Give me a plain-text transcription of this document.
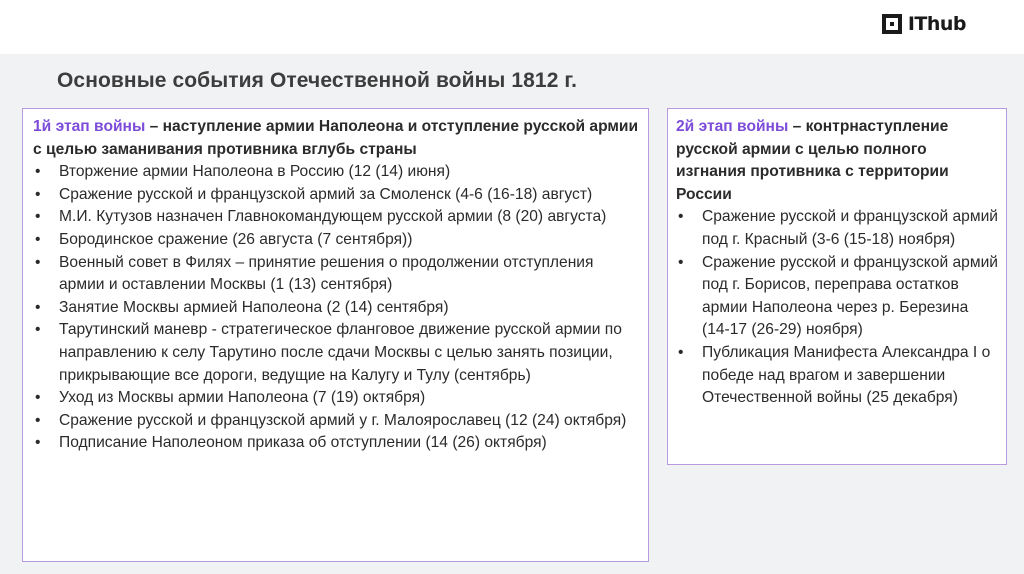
IThub
Основные события Отечественной войны 1812 г.
1й этап войны – наступление армии Наполеона и отступление русской армии с целью заманивания противника вглубь страны
• Вторжение армии Наполеона в Россию (12 (14) июня)
• Сражение русской и французской армий за Смоленск (4-6 (16-18) август)
• М.И. Кутузов назначен Главнокомандующем русской армии (8 (20) августа)
• Бородинское сражение (26 августа (7 сентября))
• Военный совет в Филях – принятие решения о продолжении отступления армии и оставлении Москвы (1 (13) сентября)
• Занятие Москвы армией Наполеона (2 (14) сентября)
• Тарутинский маневр - стратегическое фланговое движение русской армии по направлению к селу Тарутино после сдачи Москвы с целью занять позиции, прикрывающие все дороги, ведущие на Калугу и Тулу (сентябрь)
• Уход из Москвы армии Наполеона (7 (19) октября)
• Сражение русской и французской армий у г. Малоярославец (12 (24) октября)
• Подписание Наполеоном приказа об отступлении (14 (26) октября)
2й этап войны – контрнаступление русской армии с целью полного изгнания противника с территории России
• Сражение русской и французской армий под г. Красный (3-6 (15-18) ноября)
• Сражение русской и французской армий под г. Борисов, переправа остатков армии Наполеона через р. Березина (14-17 (26-29) ноября)
• Публикация Манифеста Александра I о победе над врагом и завершении Отечественной войны (25 декабря)
